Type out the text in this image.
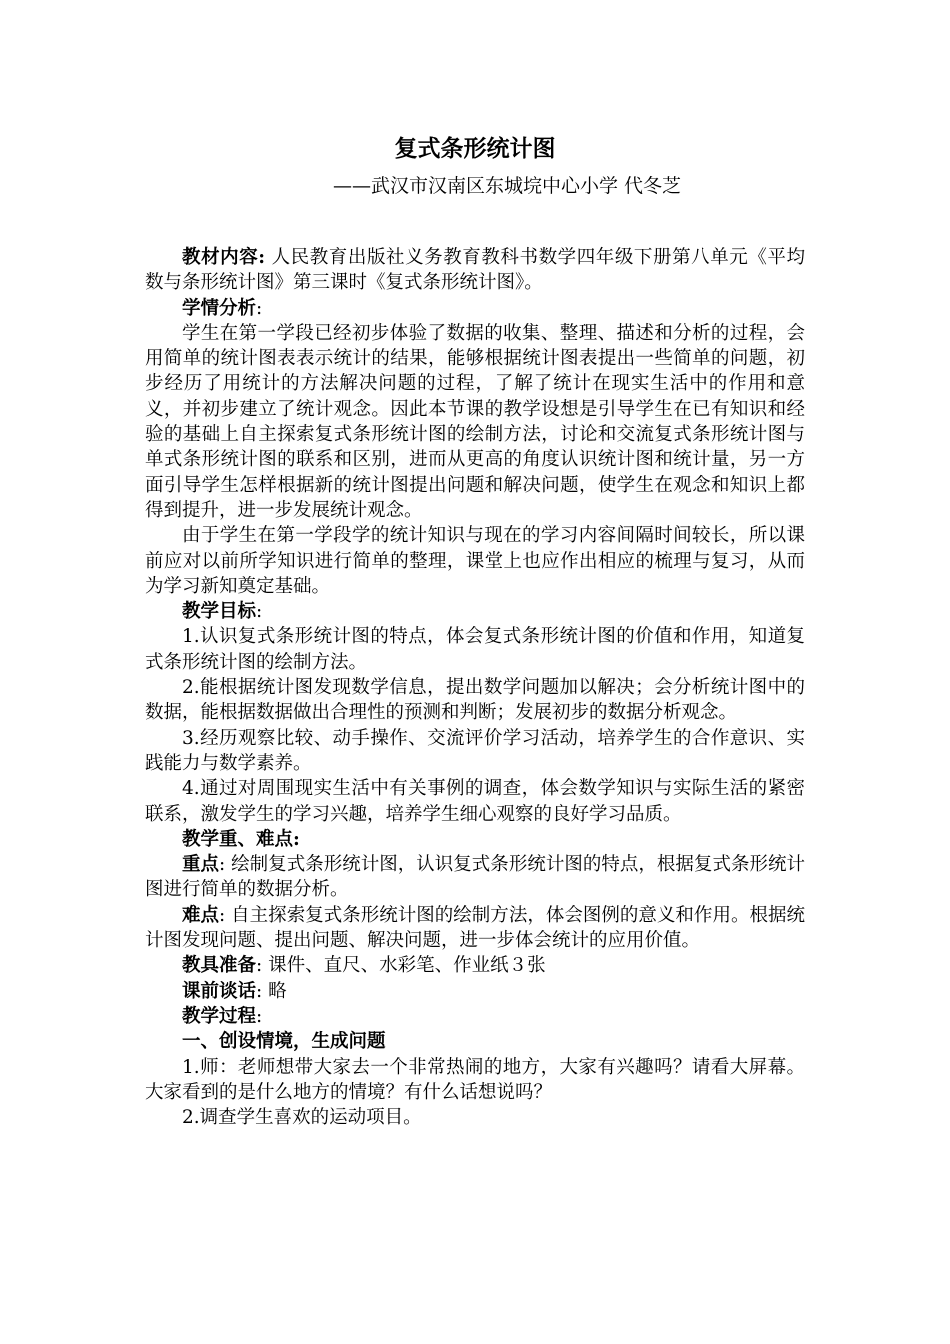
复式条形统计图
——武汉市汉南区东城垸中心小学 代冬芝

教材内容: 人民教育出版社义务教育教科书数学四年级下册第八单元《平均数与条形统计图》第三课时《复式条形统计图》。

学情分析:

学生在第一学段已经初步体验了数据的收集、整理、描述和分析的过程，会用简单的统计图表表示统计的结果，能够根据统计图表提出一些简单的问题，初步经历了用统计的方法解决问题的过程，了解了统计在现实生活中的作用和意义，并初步建立了统计观念。因此本节课的教学设想是引导学生在已有知识和经验的基础上自主探索复式条形统计图的绘制方法，讨论和交流复式条形统计图与单式条形统计图的联系和区别，进而从更高的角度认识统计图和统计量，另一方面引导学生怎样根据新的统计图提出问题和解决问题，使学生在观念和知识上都得到提升，进一步发展统计观念。

由于学生在第一学段学的统计知识与现在的学习内容间隔时间较长，所以课前应对以前所学知识进行简单的整理，课堂上也应作出相应的梳理与复习，从而为学习新知奠定基础。

教学目标:

1.认识复式条形统计图的特点，体会复式条形统计图的价值和作用，知道复式条形统计图的绘制方法。

2.能根据统计图发现数学信息，提出数学问题加以解决；会分析统计图中的数据，能根据数据做出合理性的预测和判断；发展初步的数据分析观念。

3.经历观察比较、动手操作、交流评价学习活动，培养学生的合作意识、实践能力与数学素养。

4.通过对周围现实生活中有关事例的调查，体会数学知识与实际生活的紧密联系，激发学生的学习兴趣，培养学生细心观察的良好学习品质。

教学重、难点:

重点: 绘制复式条形统计图，认识复式条形统计图的特点，根据复式条形统计图进行简单的数据分析。

难点: 自主探索复式条形统计图的绘制方法，体会图例的意义和作用。根据统计图发现问题、提出问题、解决问题，进一步体会统计的应用价值。

教具准备: 课件、直尺、水彩笔、作业纸３张

课前谈话: 略

教学过程:

一、创设情境，生成问题

1.师：老师想带大家去一个非常热闹的地方，大家有兴趣吗？请看大屏幕。大家看到的是什么地方的情境？有什么话想说吗？

2.调查学生喜欢的运动项目。
